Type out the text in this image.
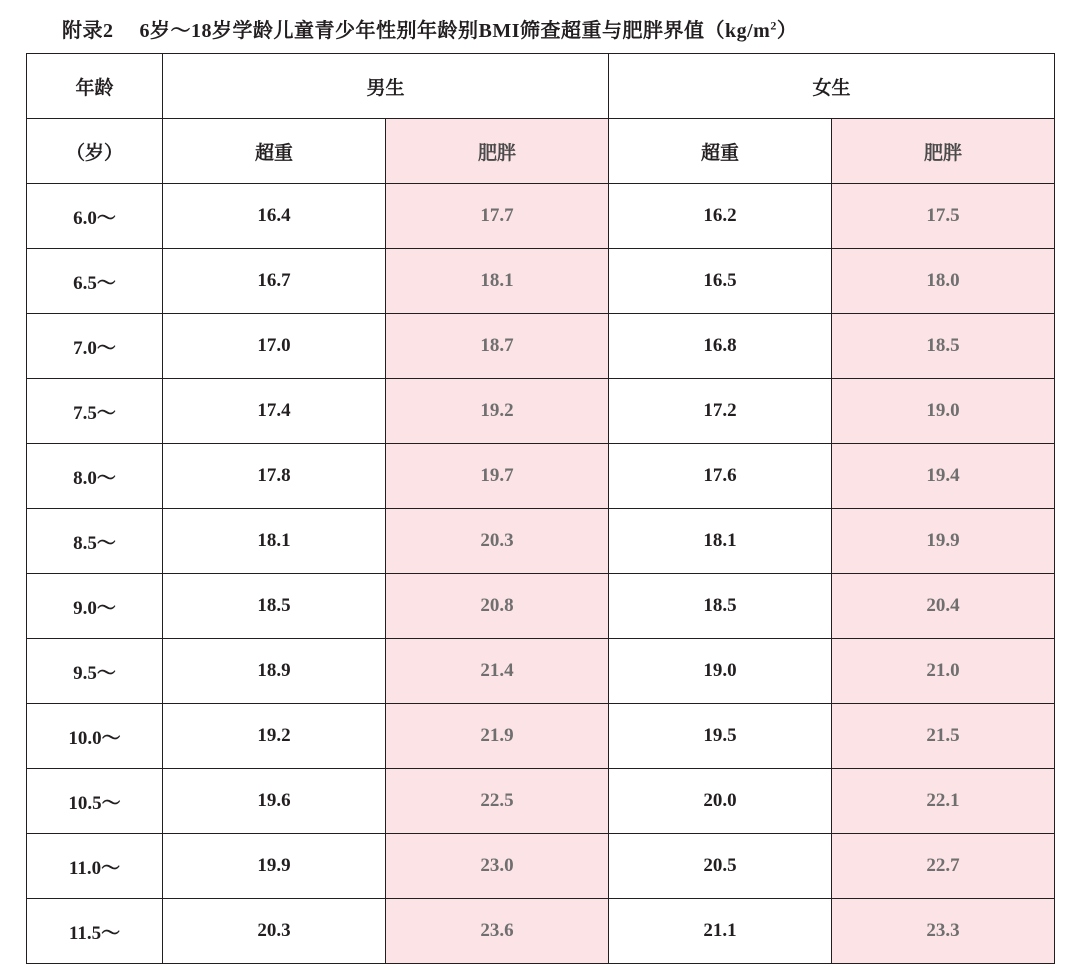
附录2 6岁～18岁学龄儿童青少年性别年龄别BMI筛查超重与肥胖界值$(kg/m^2)$
年龄	男生		女生	
（岁）	超重	肥胖	超重	肥胖
6.0～	16.4	17.7	16.2	17.5
6.5～	16.7	18.1	16.5	18.0
7.0～	17.0	18.7	16.8	18.5
7.5～	17.4	19.2	17.2	19.0
8.0～	17.8	19.7	17.6	19.4
8.5～	18.1	20.3	18.1	19.9
9.0～	18.5	20.8	18.5	20.4
9.5～	18.9	21.4	19.0	21.0
10.0～	19.2	21.9	19.5	21.5
10.5～	19.6	22.5	20.0	22.1
11.0～	19.9	23.0	20.5	22.7
11.5～	20.3	23.6	21.1	23.3
